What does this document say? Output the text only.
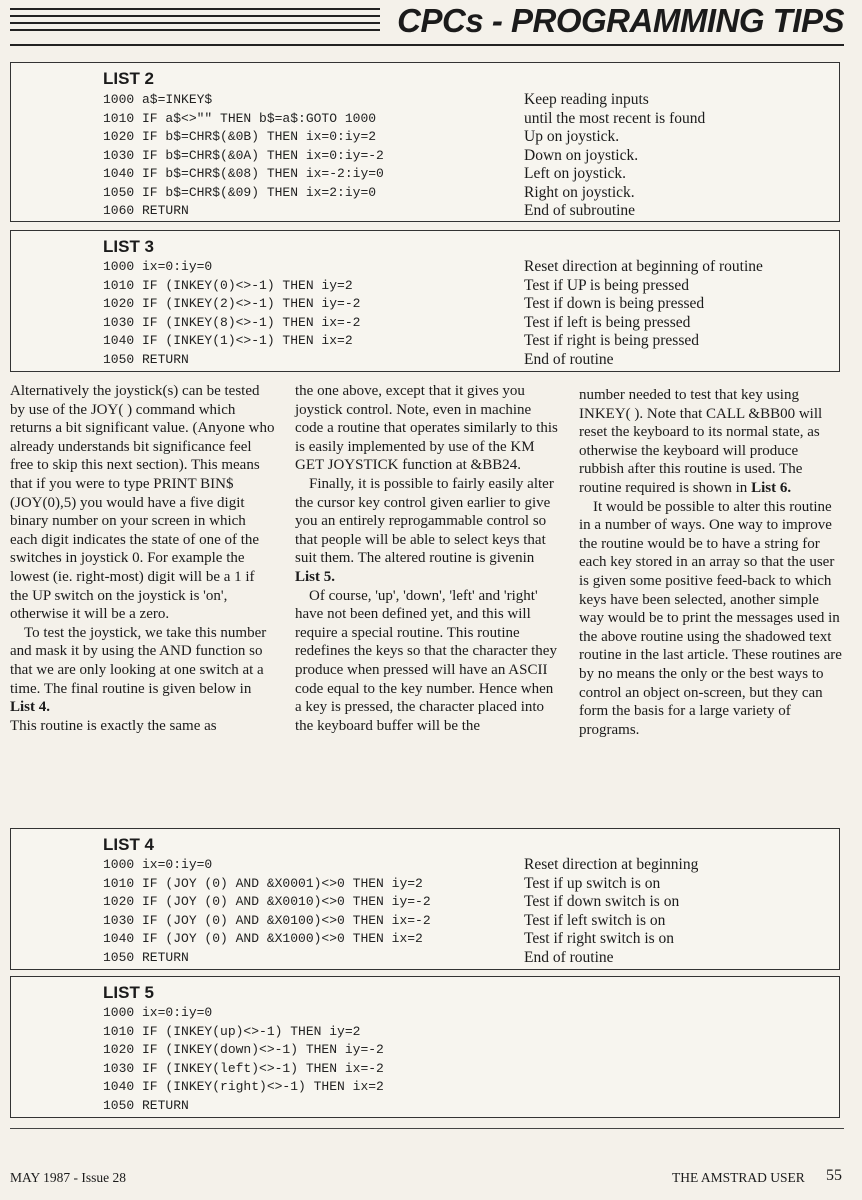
CPCs - PROGRAMMING TIPS
LIST 2
1000 a$=INKEY$
1010 IF a$<>"" THEN b$=a$:GOTO 1000
1020 IF b$=CHR$(&0B) THEN ix=0:iy=2
1030 IF b$=CHR$(&0A) THEN ix=0:iy=-2
1040 IF b$=CHR$(&08) THEN ix=-2:iy=0
1050 IF b$=CHR$(&09) THEN ix=2:iy=0
1060 RETURN
Keep reading inputs
until the most recent is found
Up on joystick.
Down on joystick.
Left on joystick.
Right on joystick.
End of subroutine
LIST 3
1000 ix=0:iy=0
1010 IF (INKEY(0)<>-1) THEN iy=2
1020 IF (INKEY(2)<>-1) THEN iy=-2
1030 IF (INKEY(8)<>-1) THEN ix=-2
1040 IF (INKEY(1)<>-1) THEN ix=2
1050 RETURN
Reset direction at beginning of routine
Test if UP is being pressed
Test if down is being pressed
Test if left is being pressed
Test if right is being pressed
End of routine

Alternatively the joystick(s) can be tested by use of the JOY( ) command which returns a bit significant value. (Anyone who already understands bit significance feel free to skip this next section). This means that if you were to type PRINT BIN$ (JOY(0),5) you would have a five digit binary number on your screen in which each digit indicates the state of one of the switches in joystick 0. For example the lowest (ie. right-most) digit will be a 1 if the UP switch on the joystick is 'on', otherwise it will be a zero.

To test the joystick, we take this number and mask it by using the AND function so that we are only looking at one switch at a time. The final routine is given below in List 4.

This routine is exactly the same as

the one above, except that it gives you joystick control. Note, even in machine code a routine that operates similarly to this is easily implemented by use of the KM GET JOYSTICK function at &BB24.

Finally, it is possible to fairly easily alter the cursor key control given earlier to give you an entirely reprogammable control so that people will be able to select keys that suit them. The altered routine is givenin List 5.

Of course, 'up', 'down', 'left' and 'right' have not been defined yet, and this will require a special routine. This routine redefines the keys so that the character they produce when pressed will have an ASCII code equal to the key number. Hence when a key is pressed, the character placed into the keyboard buffer will be the

number needed to test that key using INKEY( ). Note that CALL &BB00 will reset the keyboard to its normal state, as otherwise the keyboard will produce rubbish after this routine is used. The routine required is shown in List 6.

It would be possible to alter this routine in a number of ways. One way to improve the routine would be to have a string for each key stored in an array so that the user is given some positive feed-back to which keys have been selected, another simple way would be to print the messages used in the above routine using the shadowed text routine in the last article. These routines are by no means the only or the best ways to control an object on-screen, but they can form the basis for a large variety of programs.

LIST 4
1000 ix=0:iy=0
1010 IF (JOY (0) AND &X0001)<>0 THEN iy=2
1020 IF (JOY (0) AND &X0010)<>0 THEN iy=-2
1030 IF (JOY (0) AND &X0100)<>0 THEN ix=-2
1040 IF (JOY (0) AND &X1000)<>0 THEN ix=2
1050 RETURN
Reset direction at beginning
Test if up switch is on
Test if down switch is on
Test if left switch is on
Test if right switch is on
End of routine
LIST 5
1000 ix=0:iy=0
1010 IF (INKEY(up)<>-1) THEN iy=2
1020 IF (INKEY(down)<>-1) THEN iy=-2
1030 IF (INKEY(left)<>-1) THEN ix=-2
1040 IF (INKEY(right)<>-1) THEN ix=2
1050 RETURN
MAY 1987 - Issue 28	THE AMSTRAD USER 55
